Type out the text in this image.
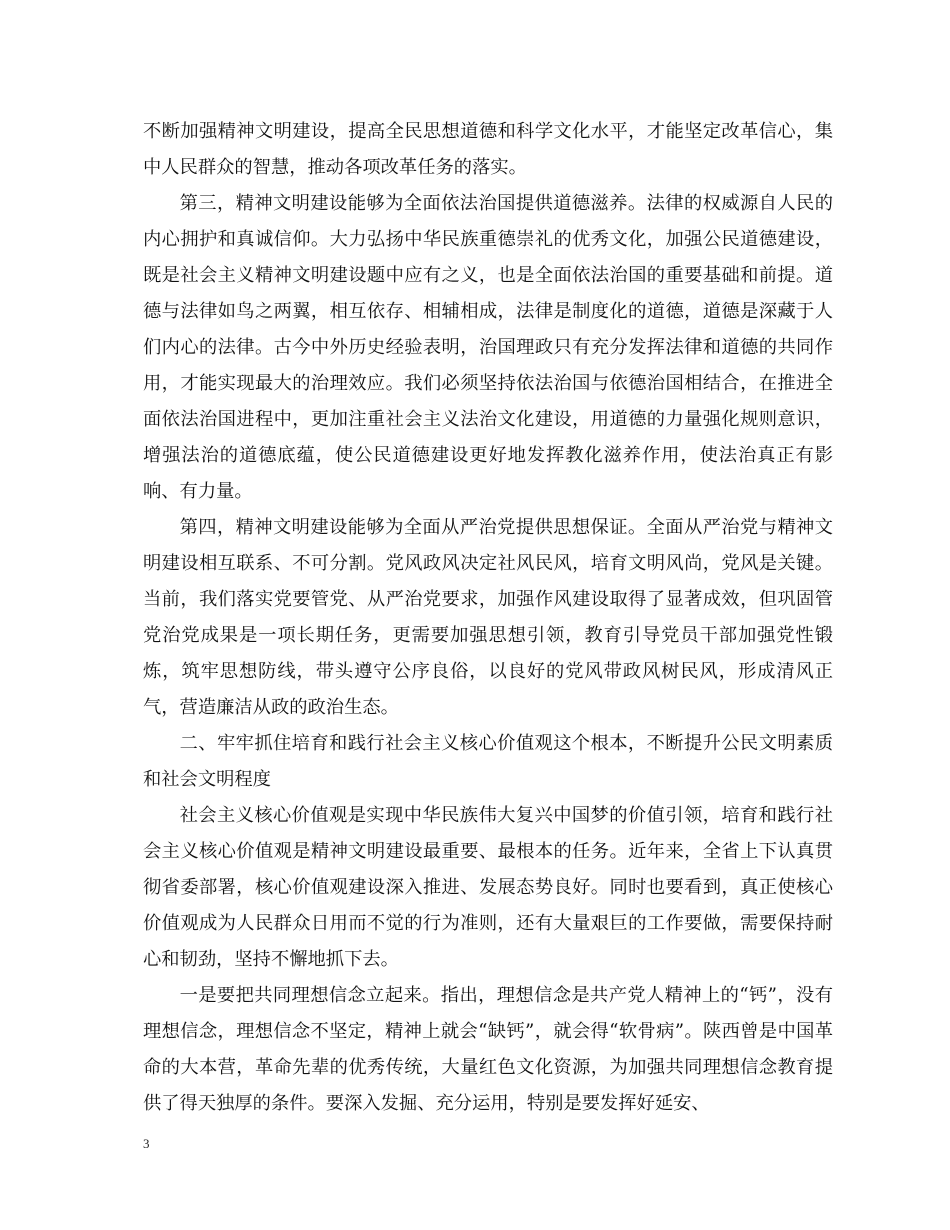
不断加强精神文明建设，提高全民思想道德和科学文化水平，才能坚定改革信心，集中人民群众的智慧，推动各项改革任务的落实。

第三，精神文明建设能够为全面依法治国提供道德滋养。法律的权威源自人民的内心拥护和真诚信仰。大力弘扬中华民族重德崇礼的优秀文化，加强公民道德建设，既是社会主义精神文明建设题中应有之义，也是全面依法治国的重要基础和前提。道德与法律如鸟之两翼，相互依存、相辅相成，法律是制度化的道德，道德是深藏于人们内心的法律。古今中外历史经验表明，治国理政只有充分发挥法律和道德的共同作用，才能实现最大的治理效应。我们必须坚持依法治国与依德治国相结合，在推进全面依法治国进程中，更加注重社会主义法治文化建设，用道德的力量强化规则意识，增强法治的道德底蕴，使公民道德建设更好地发挥教化滋养作用，使法治真正有影响、有力量。

第四，精神文明建设能够为全面从严治党提供思想保证。全面从严治党与精神文明建设相互联系、不可分割。党风政风决定社风民风，培育文明风尚，党风是关键。当前，我们落实党要管党、从严治党要求，加强作风建设取得了显著成效，但巩固管党治党成果是一项长期任务，更需要加强思想引领，教育引导党员干部加强党性锻炼，筑牢思想防线，带头遵守公序良俗，以良好的党风带政风树民风，形成清风正气，营造廉洁从政的政治生态。

二、牢牢抓住培育和践行社会主义核心价值观这个根本，不断提升公民文明素质和社会文明程度

社会主义核心价值观是实现中华民族伟大复兴中国梦的价值引领，培育和践行社会主义核心价值观是精神文明建设最重要、最根本的任务。近年来，全省上下认真贯彻省委部署，核心价值观建设深入推进、发展态势良好。同时也要看到，真正使核心价值观成为人民群众日用而不觉的行为准则，还有大量艰巨的工作要做，需要保持耐心和韧劲，坚持不懈地抓下去。

一是要把共同理想信念立起来。指出，理想信念是共产党人精神上的“钙”，没有理想信念，理想信念不坚定，精神上就会“缺钙”，就会得“软骨病”。陕西曾是中国革命的大本营，革命先辈的优秀传统，大量红色文化资源，为加强共同理想信念教育提供了得天独厚的条件。要深入发掘、充分运用，特别是要发挥好延安、

3
